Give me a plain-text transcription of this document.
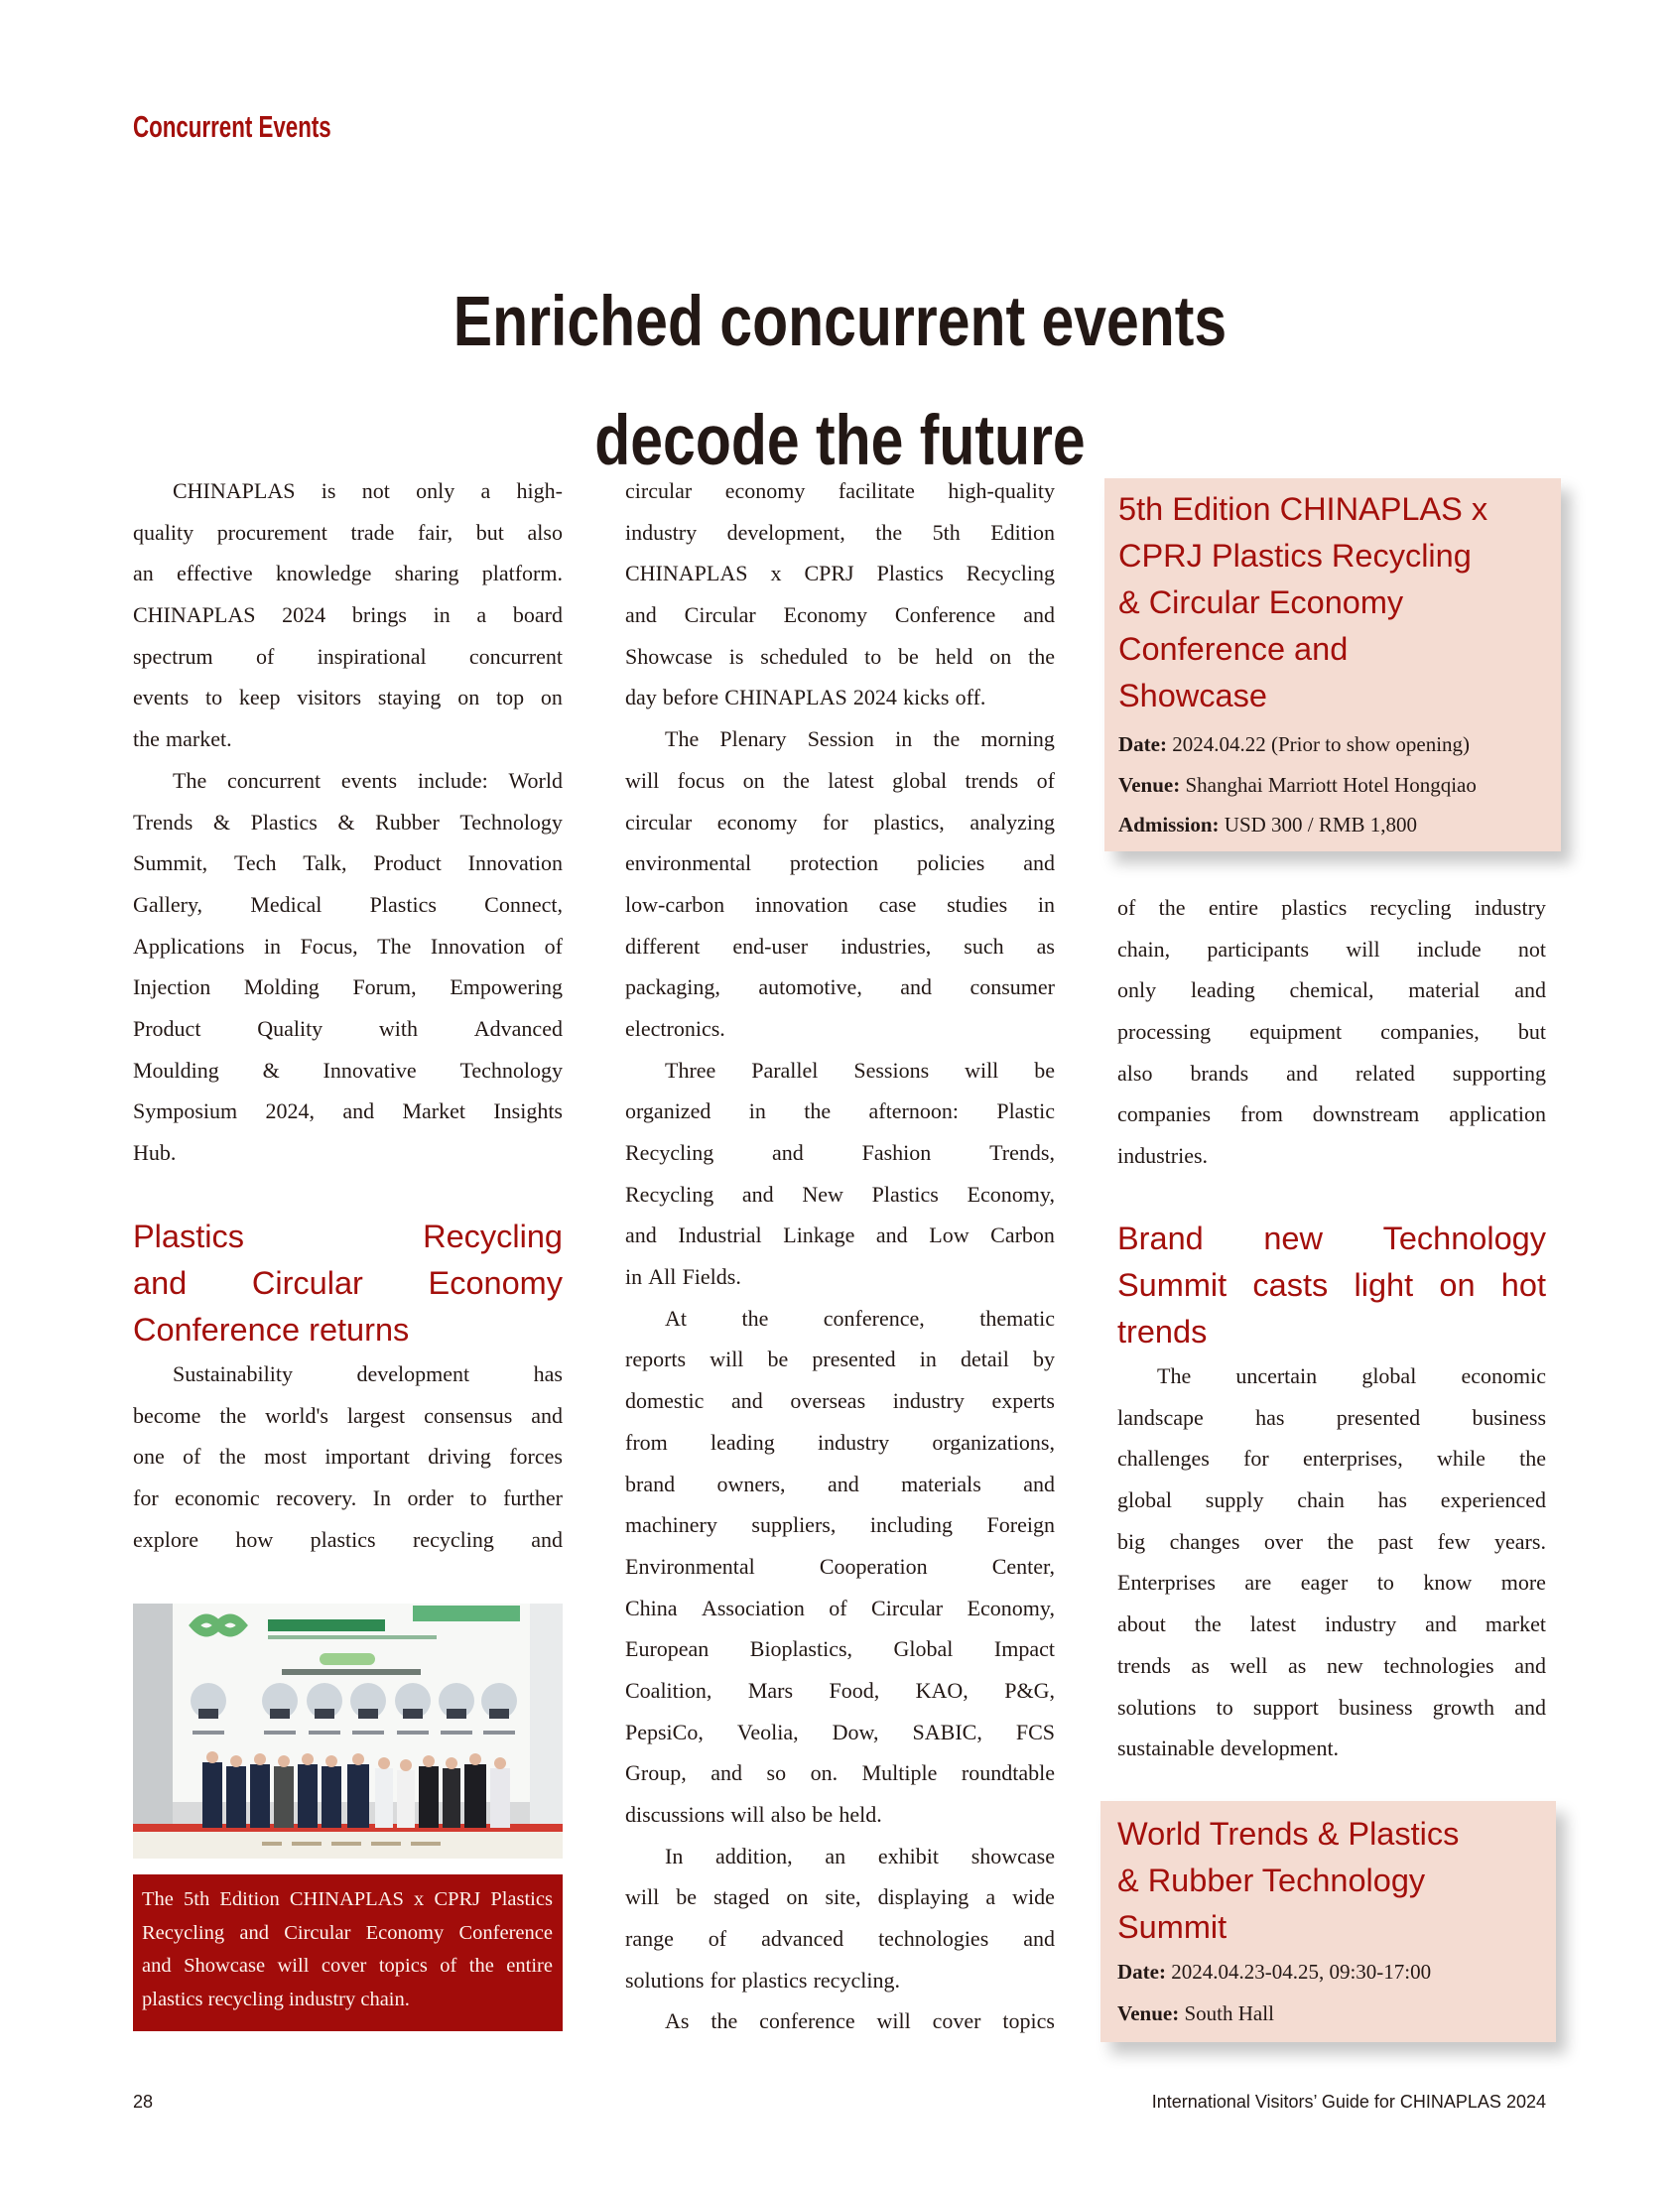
Concurrent Events
Enriched concurrent events
decode the future
CHINAPLAS is not only a high-
quality procurement trade fair, but also
an effective knowledge sharing platform.
CHINAPLAS 2024 brings in a board
spectrum of inspirational concurrent
events to keep visitors staying on top on
the market.
The concurrent events include: World
Trends & Plastics & Rubber Technology
Summit, Tech Talk, Product Innovation
Gallery, Medical Plastics Connect,
Applications in Focus, The Innovation of
Injection Molding Forum, Empowering
Product	Quality	with	Advanced
Moulding & Innovative Technology
Symposium 2024, and Market Insights
Hub.
Plastics	Recycling
and Circular Economy
Conference returns
Sustainability	development	has
become the world's largest consensus and
one of the most important driving forces
for economic recovery. In order to further
explore how plastics recycling and
The 5th Edition CHINAPLAS x CPRJ Plastics
Recycling and Circular Economy Conference
and Showcase will cover topics of the entire
plastics recycling industry chain.
circular economy facilitate high-quality
industry development, the 5th Edition
CHINAPLAS x CPRJ Plastics Recycling
and Circular Economy Conference and
Showcase is scheduled to be held on the
day before CHINAPLAS 2024 kicks off.
The Plenary Session in the morning
will focus on the latest global trends of
circular economy for plastics, analyzing
environmental protection policies and
low-carbon innovation case studies in
different end-user industries, such as
packaging, automotive, and consumer
electronics.
Three Parallel Sessions will be
organized in the afternoon: Plastic
Recycling	and	Fashion	Trends,
Recycling and New Plastics Economy,
and Industrial Linkage and Low Carbon
in All Fields.
At	the	conference,	thematic
reports will be presented in detail by
domestic and overseas industry experts
from leading industry organizations,
brand owners, and materials and
machinery suppliers, including Foreign
Environmental	Cooperation	Center,
China Association of Circular Economy,
European Bioplastics, Global Impact
Coalition, Mars Food, KAO, P&G,
PepsiCo, Veolia, Dow, SABIC, FCS
Group, and so on. Multiple roundtable
discussions will also be held.
In addition, an exhibit showcase
will be staged on site, displaying a wide
range of advanced technologies and
solutions for plastics recycling.
As the conference will cover topics
5th Edition CHINAPLAS x
CPRJ Plastics Recycling
& Circular Economy
Conference and
Showcase
Date: 2024.04.22 (Prior to show opening)
Venue: Shanghai Marriott Hotel Hongqiao
Admission: USD 300 / RMB 1,800
of the entire plastics recycling industry
chain, participants will include not
only leading chemical, material and
processing equipment companies, but
also brands and related supporting
companies from downstream application
industries.
Brand new Technology
Summit casts light on hot
trends
The uncertain global economic
landscape has presented business
challenges for enterprises, while the
global supply chain has experienced
big changes over the past few years.
Enterprises are eager to know more
about the latest industry and market
trends as well as new technologies and
solutions to support business growth and
sustainable development.
World Trends & Plastics
& Rubber Technology
Summit
Date: 2024.04.23-04.25, 09:30-17:00
Venue: South Hall
28	International Visitors’ Guide for CHINAPLAS 2024
